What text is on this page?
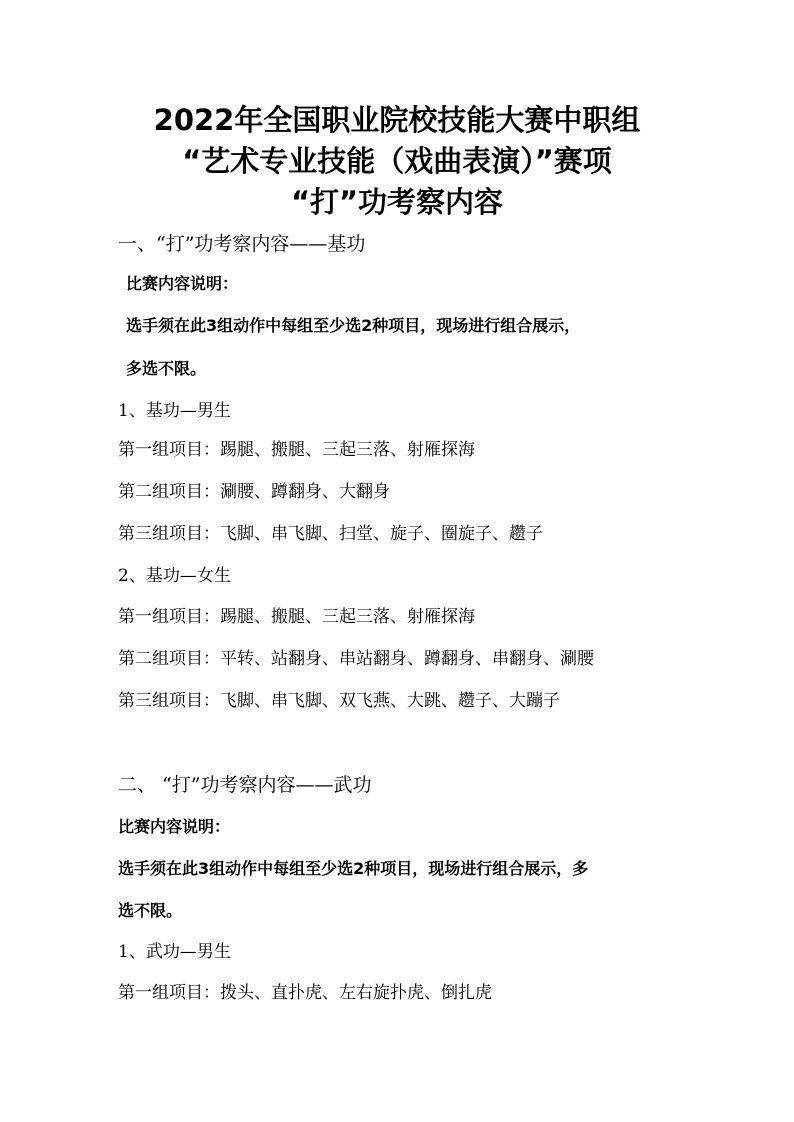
2022年全国职业院校技能大赛中职组
“艺术专业技能（戏曲表演）”赛项
“打”功考察内容
一、“打”功考察内容——基功
比赛内容说明：
选手须在此3组动作中每组至少选2种项目，现场进行组合展示，
多选不限。
1、基功—男生
第一组项目：踢腿、搬腿、三起三落、射雁探海
第二组项目：涮腰、蹲翻身、大翻身
第三组项目：飞脚、串飞脚、扫堂、旋子、圈旋子、趱子
2、基功—女生
第一组项目：踢腿、搬腿、三起三落、射雁探海
第二组项目：平转、站翻身、串站翻身、蹲翻身、串翻身、涮腰
第三组项目：飞脚、串飞脚、双飞燕、大跳、趱子、大蹦子
二、 “打”功考察内容——武功
比赛内容说明：
选手须在此3组动作中每组至少选2种项目，现场进行组合展示，多
选不限。
1、武功—男生
第一组项目：拨头、直扑虎、左右旋扑虎、倒扎虎
